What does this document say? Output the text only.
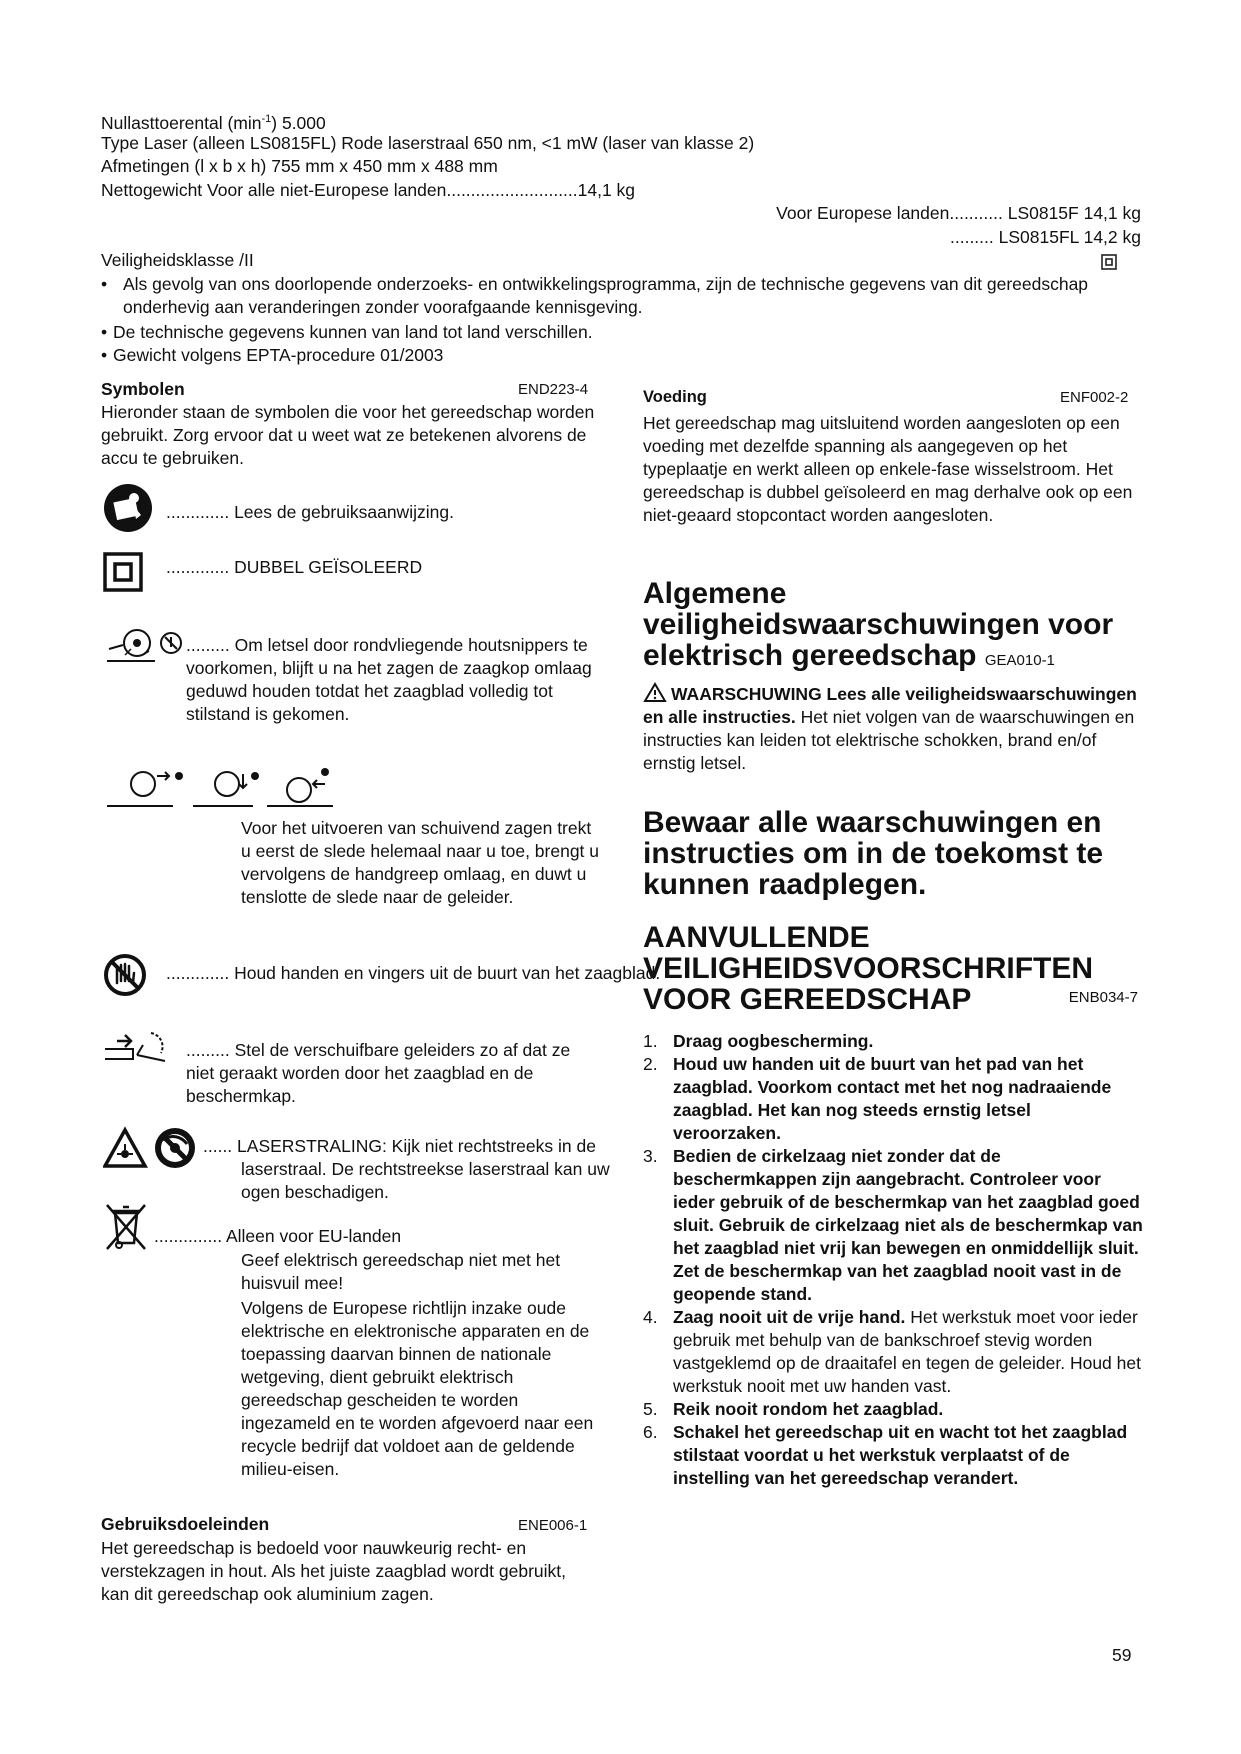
Nullasttoerental $(\min^{-1})$ 5.000
Type Laser (alleen LS0815FL) Rode laserstraal 650 nm, <1 mW (laser van klasse 2)
Afmetingen (l x b x h) 755 mm x 450 mm x 488 mm
Nettogewicht Voor alle niet-Europese landen...........................14,1 kg
Voor Europese landen........... LS0815F 14,1 kg
......... LS0815FL 14,2 kg
Veiligheidsklasse /II
• Als gevolg van ons doorlopende onderzoeks- en ontwikkelingsprogramma, zijn de technische gegevens van dit gereedschap onderhevig aan veranderingen zonder voorafgaande kennisgeving.
• De technische gegevens kunnen van land tot land verschillen.
• Gewicht volgens EPTA-procedure 01/2003
Symbolen	END223-4
Hieronder staan de symbolen die voor het gereedschap worden gebruikt. Zorg ervoor dat u weet wat ze betekenen alvorens de accu te gebruiken.
............. Lees de gebruiksaanwijzing.
............. DUBBEL GEÏSOLEERD
......... Om letsel door rondvliegende houtsnippers te voorkomen, blijft u na het zagen de zaagkop omlaag geduwd houden totdat het zaagblad volledig tot stilstand is gekomen.
Voor het uitvoeren van schuivend zagen trekt u eerst de slede helemaal naar u toe, brengt u vervolgens de handgreep omlaag, en duwt u tenslotte de slede naar de geleider.
............. Houd handen en vingers uit de buurt van het zaagblad.
......... Stel de verschuifbare geleiders zo af dat ze niet geraakt worden door het zaagblad en de beschermkap.
...... LASERSTRALING: Kijk niet rechtstreeks in de laserstraal. De rechtstreekse laserstraal kan uw ogen beschadigen.
.............. Alleen voor EU-landen
Geef elektrisch gereedschap niet met het huisvuil mee!
Volgens de Europese richtlijn inzake oude elektrische en elektronische apparaten en de toepassing daarvan binnen de nationale wetgeving, dient gebruikt elektrisch gereedschap gescheiden te worden ingezameld en te worden afgevoerd naar een recycle bedrijf dat voldoet aan de geldende milieu-eisen.
Gebruiksdoeleinden	ENE006-1
Het gereedschap is bedoeld voor nauwkeurig recht- en verstekzagen in hout. Als het juiste zaagblad wordt gebruikt, kan dit gereedschap ook aluminium zagen.
Voeding	ENF002-2
Het gereedschap mag uitsluitend worden aangesloten op een voeding met dezelfde spanning als aangegeven op het typeplaatje en werkt alleen op enkele-fase wisselstroom. Het gereedschap is dubbel geïsoleerd en mag derhalve ook op een niet-geaard stopcontact worden aangesloten.
Algemene veiligheidswaarschuwingen voor elektrisch gereedschap GEA010-1
WAARSCHUWING Lees alle veiligheidswaarschuwingen en alle instructies. Het niet volgen van de waarschuwingen en instructies kan leiden tot elektrische schokken, brand en/of ernstig letsel.
Bewaar alle waarschuwingen en instructies om in de toekomst te kunnen raadplegen.
AANVULLENDE
VEILIGHEIDSVOORSCHRIFTEN
VOOR GEREEDSCHAP	ENB034-7
1. Draag oogbescherming.
2. Houd uw handen uit de buurt van het pad van het zaagblad. Voorkom contact met het nog nadraaiende zaagblad. Het kan nog steeds ernstig letsel veroorzaken.
3. Bedien de cirkelzaag niet zonder dat de beschermkappen zijn aangebracht. Controleer voor ieder gebruik of de beschermkap van het zaagblad goed sluit. Gebruik de cirkelzaag niet als de beschermkap van het zaagblad niet vrij kan bewegen en onmiddellijk sluit. Zet de beschermkap van het zaagblad nooit vast in de geopende stand.
4. Zaag nooit uit de vrije hand. Het werkstuk moet voor ieder gebruik met behulp van de bankschroef stevig worden vastgeklemd op de draaitafel en tegen de geleider. Houd het werkstuk nooit met uw handen vast.
5. Reik nooit rondom het zaagblad.
6. Schakel het gereedschap uit en wacht tot het zaagblad stilstaat voordat u het werkstuk verplaatst of de instelling van het gereedschap verandert.
59
